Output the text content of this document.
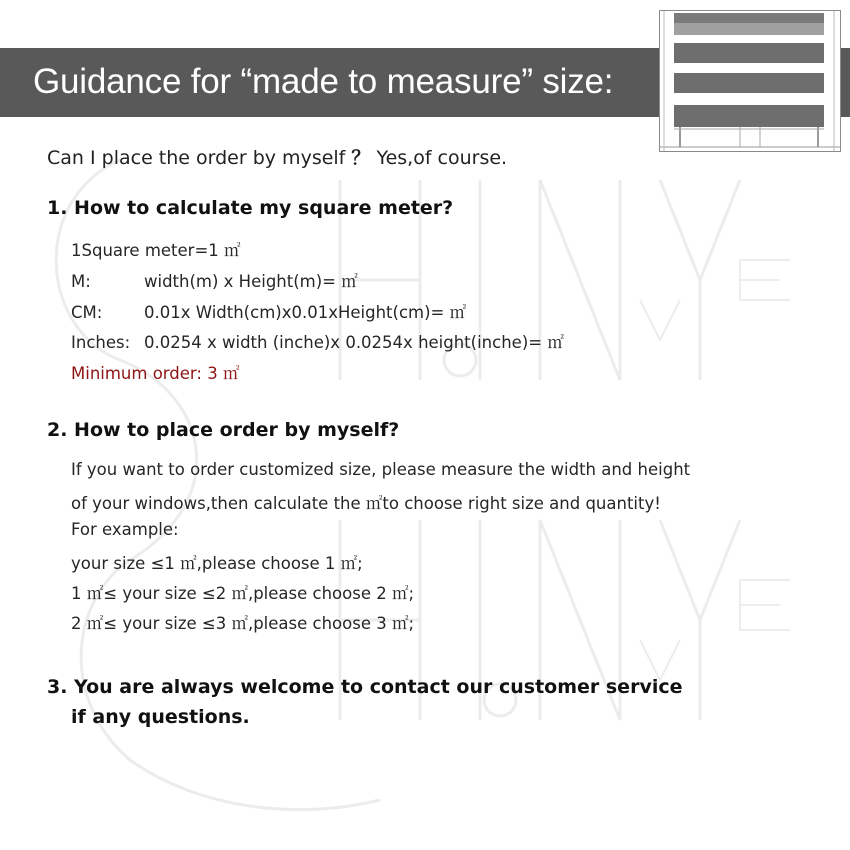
Guidance for “made to measure” size:
Can I place the order by myself ？ Yes,of course.
1. How to calculate my square meter?
1Square meter=1 ㎡
M:	width(m) x Height(m)= ㎡
CM:	0.01x Width(cm)x0.01xHeight(cm)= ㎡
Inches: 0.0254 x width (inche)x 0.0254x height(inche)= ㎡
Minimum order: 3 ㎡
2. How to place order by myself?
If you want to order customized size, please measure the width and height
of your windows,then calculate the ㎡to choose right size and quantity!
For example:
your size ≤1 ㎡,please choose 1 ㎡;
1 ㎡≤ your size ≤2 ㎡,please choose 2 ㎡;
2 ㎡≤ your size ≤3 ㎡,please choose 3 ㎡;
3. You are always welcome to contact our customer service
if any questions.
